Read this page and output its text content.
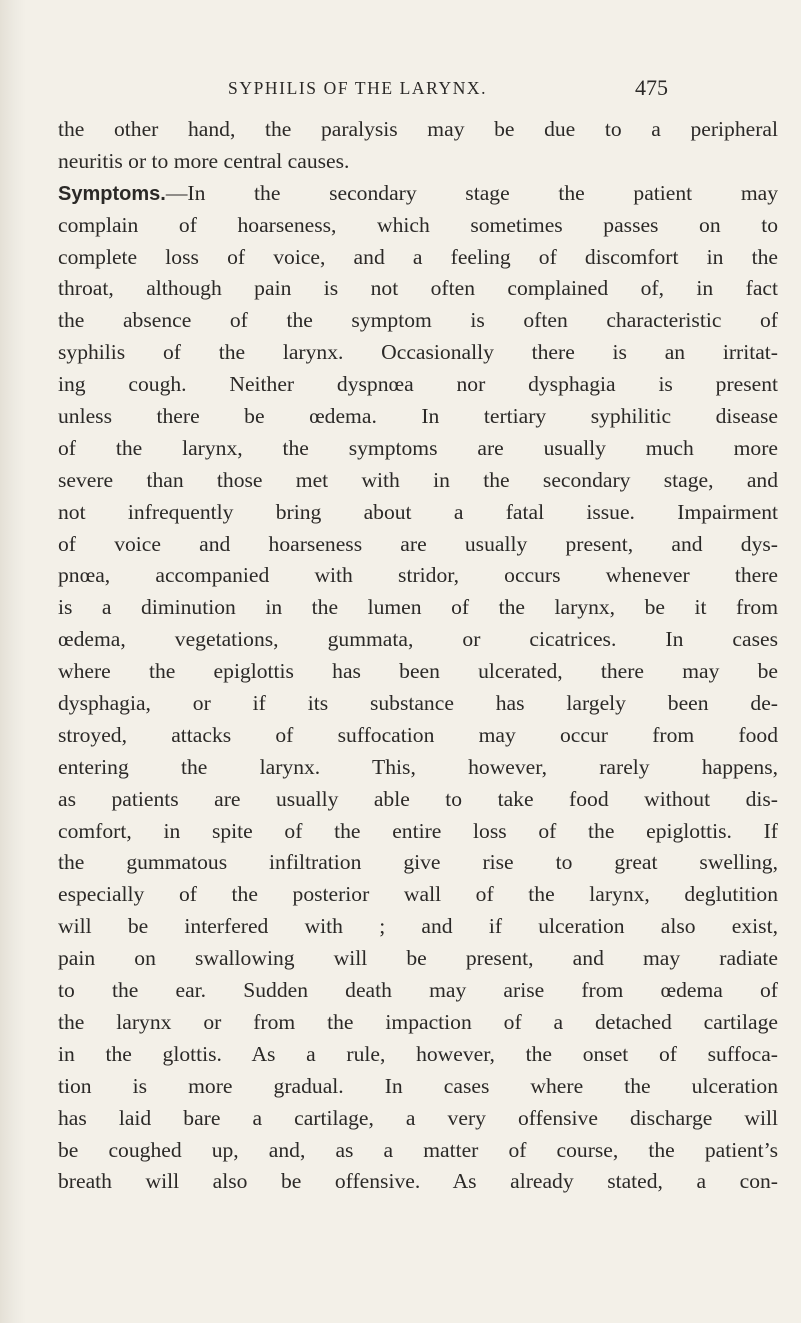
SYPHILIS OF THE LARYNX.	475
the other hand, the paralysis may be due to a peripheral
neuritis or to more central causes.
Symptoms.—In the secondary stage the patient may
complain of hoarseness, which sometimes passes on to
complete loss of voice, and a feeling of discomfort in the
throat, although pain is not often complained of, in fact
the absence of the symptom is often characteristic of
syphilis of the larynx. Occasionally there is an irritat-
ing cough. Neither dyspnœa nor dysphagia is present
unless there be œdema. In tertiary syphilitic disease
of the larynx, the symptoms are usually much more
severe than those met with in the secondary stage, and
not infrequently bring about a fatal issue. Impairment
of voice and hoarseness are usually present, and dys-
pnœa, accompanied with stridor, occurs whenever there
is a diminution in the lumen of the larynx, be it from
œdema, vegetations, gummata, or cicatrices. In cases
where the epiglottis has been ulcerated, there may be
dysphagia, or if its substance has largely been de-
stroyed, attacks of suffocation may occur from food
entering the larynx. This, however, rarely happens,
as patients are usually able to take food without dis-
comfort, in spite of the entire loss of the epiglottis. If
the gummatous infiltration give rise to great swelling,
especially of the posterior wall of the larynx, deglutition
will be interfered with ; and if ulceration also exist,
pain on swallowing will be present, and may radiate
to the ear. Sudden death may arise from œdema of
the larynx or from the impaction of a detached cartilage
in the glottis. As a rule, however, the onset of suffoca-
tion is more gradual. In cases where the ulceration
has laid bare a cartilage, a very offensive discharge will
be coughed up, and, as a matter of course, the patient’s
breath will also be offensive. As already stated, a con-
